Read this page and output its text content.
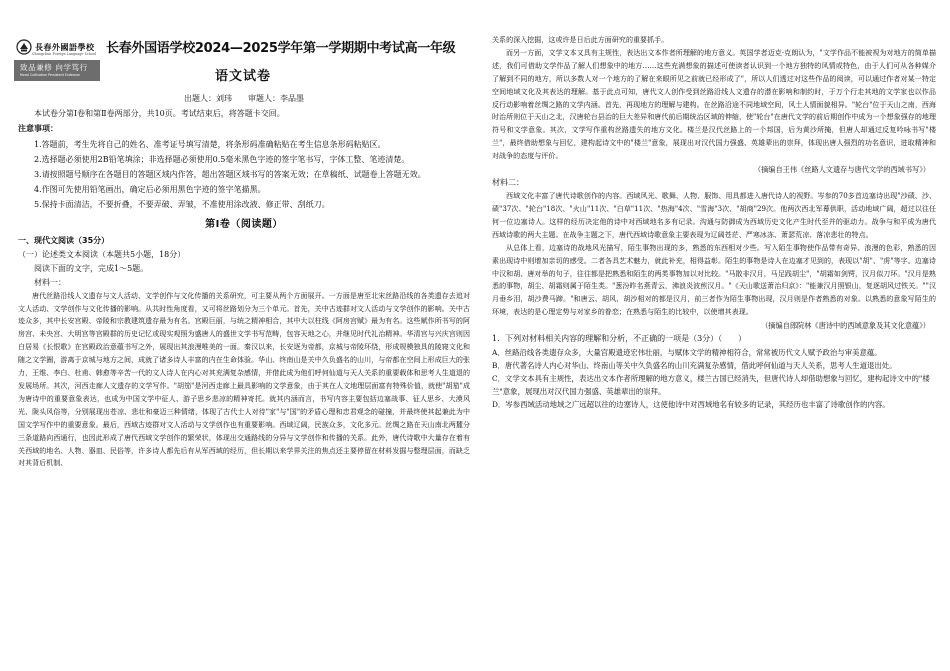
長春外國語學校
Changchun Foreign Language School
致品兼修 向学笃行
Moral Cultivation Persistent Endeavor
长春外国语学校2024—2025学年第一学期期中考试高一年级
语文试卷

出题人：刘玮　　审题人：李品墨

本试卷分第Ⅰ卷和第Ⅱ卷两部分，共10页。考试结束后，将答题卡交回。

注意事项：

1.答题前，考生先将自己的姓名、准考证号填写清楚，将条形码准确粘贴在考生信息条形码粘贴区。

2.选择题必须使用2B铅笔填涂；非选择题必须使用0.5毫米黑色字迹的签字笔书写，字体工整、笔迹清楚。

3.请按照题号顺序在各题目的答题区域内作答，超出答题区域书写的答案无效；在草稿纸、试题卷上答题无效。

4.作图可先使用铅笔画出，确定后必须用黑色字迹的签字笔描黑。

5.保持卡面清洁，不要折叠，不要弄破、弄皱，不准使用涂改液、修正带、刮纸刀。

第Ⅰ卷（阅读题）

一、现代文阅读（35分）

（一）论述类文本阅读（本题共5小题，18分）

阅读下面的文字，完成1～5题。

材料一：

唐代丝路沿线人文遗存与文人活动、文学创作与文化传播的关系研究，可主要从两个方面展开。一方面是唐至北宋丝路沿线的各类遗存去追对文人活动、文学创作与文化传播的影响。从共时性角度看，又可将丝路划分为三个单元。首先，关中古迹群对文人活动与文学创作的影响。关中古迹众多，其中长安宫殿、帝陵和宗教建筑遗存最为有名。宫殿巨丽，与统之精神相合，其中大以柱线《阿房宫赋》最为有名。这些赋作所书写的阿房宫、未央宫、大明宫等宫殿群的历史记忆或现实观照为盛唐人的盛世文学书写范畴，包容天地之心，并继见时代礼治精神。华清宫与兴庆宫则因白居易《长恨歌》在宫殿政治意蕴书写之外，展现出其浪漫唯美的一面。秦汉以来，长安逐为帝都，京城与帝陵环绕，形成规模独具的陵寝文化和随之文学圈，游离于京城与地方之间，成就了诸多诗人丰富的内在生命体验。华山、终南山是关中久负盛名的山川，与帝都在空间上形成巨大的张力，王维、李白、杜甫、韩愈等辛苦一代的文人诗人在内心对其充满复杂感情，并借此成为他们呼何仙道与天人关系的重要载体和思考人生道退的发展场所。其次，河西走廊人文遗存的文学写作。"胡笳"是河西走廊上最具影响的文学意象，由于其在人文地理层面富有特殊价值，就使"胡笳"成为唐诗中的重要意象表达，也成为中国文学中征人、游子思乡悲凉的精神寄托。就其内涵而言，书写内容主要包括边塞战事、征人思乡、大漠风光、陇头风俗等，分别展现出苍凉、悲壮和豪迈三种情绪，体现了古代士人对待"家"与"国"的矛盾心理和忠君观念的碰撞，并最终使其起兼此为中国文学写作中的重要意象。最后，西域古迹群对文人活动与文学创作也有重要影响。西域辽阔，民族众多，文化多元。丝绸之路在天山南北两麓分三条道路向西通行，也因此形成了唐代西域文学创作的繁荣状，体现出交通路线的分异与文学创作和传播的关系。此外，唐代诗歌中大量存在着有关西域的地名、人物、器皿、民俗等，许多诗人都先后有从军西域的经历，但长期以来学界关注的焦点还主要停留在材料发掘与整理层面，而缺乏对其背后机制、

关系的深入挖掘，这或许是日后此方面研究的重要抓手。

而另一方面，文学文本又具有主规性，表达出文本作者所理解的地方意义。英国学者迈克·克朗认为，"文学作品不能被视为对地方的简单描述，我们可借助文学作品了解人们想象中的地方……这些充满想象的描述可使读者认识到一个地方独特的风情或特色，由于人们可从各种媒介了解到不同的地方，所以多数人对一个地方的了解在来眼所见之前就已经形成了"，所以人们透过对这些作品的阅读，可以通过作者对某一特定空间地域文化及其表达的理解。基于此点可知，唐代文人创作受到丝路沿线人文遗存的潜在影响和制约时，于万个行走其地的文学家也以作品反行动影响着丝绸之路的文学内涵。首先，再现地方的理解与建构。在丝路沿途不同地域空间，风土人情面貌相异。"轮台"位于天山之南，西海时治所则位于天山之北，汉唐轮台县治的巨大差异和唐代前后期统治区域的伸缩，使"轮台"在唐代文学的前后期创作中成为一个想象强存的地理符号和文学意象。其次，文学写作重构丝路遗失的地方文化。楼兰是汉代丝路上的一个邦国，后为黄沙所掩，但唐人却通过反复吟咏书写"楼兰"，最终借助想象与回忆，建构起诗文中的"楼兰"意象，展现出对汉代国力强盛、英雄辈出的崇拜，体现出唐人强烈的功名意识，进取精神和对战争的态度与评价。

（摘编自王伟《丝路人文遗存与唐代文学的西域书写》）

材料二：

西域文化丰富了唐代诗歌创作的内容。西域风光、歌舞、人物、服饰、用具都进入唐代诗人的视野。岑参的70多首边塞诗出现"沙碛、沙、碛"37次、"轮台"18次、"火山"11次、"白草"11次、"热海"4次、"雪海"3次、"胡商"29次。他两次西北军幕供职，活动地域广阔，超过以往任何一位边塞诗人。这样的经历决定他的诗中对西域地名多有记录。沟通与防御成为西域历史文化产生时代至并的驱动力。战争与和平成为唐代西域诗歌的两大主题。在战争主题之下，唐代西域诗歌意象主要表现为辽阔苍茫、严寒冰冻、萧瑟荒凉、落凉悲壮的特点。

从总体上看，边塞诗的战地风光描写，陌生事物出现的多，熟悉的东西相对少些。写入陌生事物使作品带有奇异、浪漫的色彩，熟悉的因素出现诗中则增加亲切的感受。二者各具艺术魅力，就此补充，相得益彰。陌生的事物是诗人在边塞才见到的，表现以"胡"、"虏"等字。边塞诗中汉和胡、唐对举的句子，往往都是把熟悉和陌生的两类事物加以对比较。"马散非汉月，马足践胡尘"，"胡霜如剑锷，汉月似刀环。"汉月是熟悉的事物，胡尘、胡霜则属于陌生类。"葱汾昨名燕青云，沸浪炎波煎汉月。"《天山歌送萧治归京》："能兼汉月照银山，复逐胡风过铁关。""汉月垂乡泪，胡沙费马蹄。"和唐云、胡风、胡沙相对的都是汉月，前三者作为陌生事物出现，汉月则是作者熟悉的对象。以熟悉的意象写陌生的环境，表达的是心理定势与对家乡的眷恋；在熟悉与陌生的比较中，以使增其表现。

（摘编自郎院林《唐诗中的西域意象及其文化意蕴》）

1．下列对材料相关内容的理解和分析，不正确的一项是（3分）（　　）

A．丝路沿线各类遗存众多，大量宫殿遗迹宏伟壮丽，与赋体文学的精神相符合，常常被历代文人赋予政治与审美意蕴。

B．唐代著名诗人内心对华山、终南山等关中久负盛名的山川充满复杂感情，借此呼何仙道与天人关系，思考人生道退出处。

C．文学文本具有主规性，表达出文本作者所理解的地方意义，楼兰古国已经消失，但唐代诗人却借助想象与回忆，建构起诗文中的"楼兰"意象，展现出对汉代国力强盛、英雄辈出的崇拜。

D．岑参西域活动地域之广远超以往的边塞诗人，这使他诗中对西域地名有较多的记录，其经历也丰富了诗歌创作的内容。
